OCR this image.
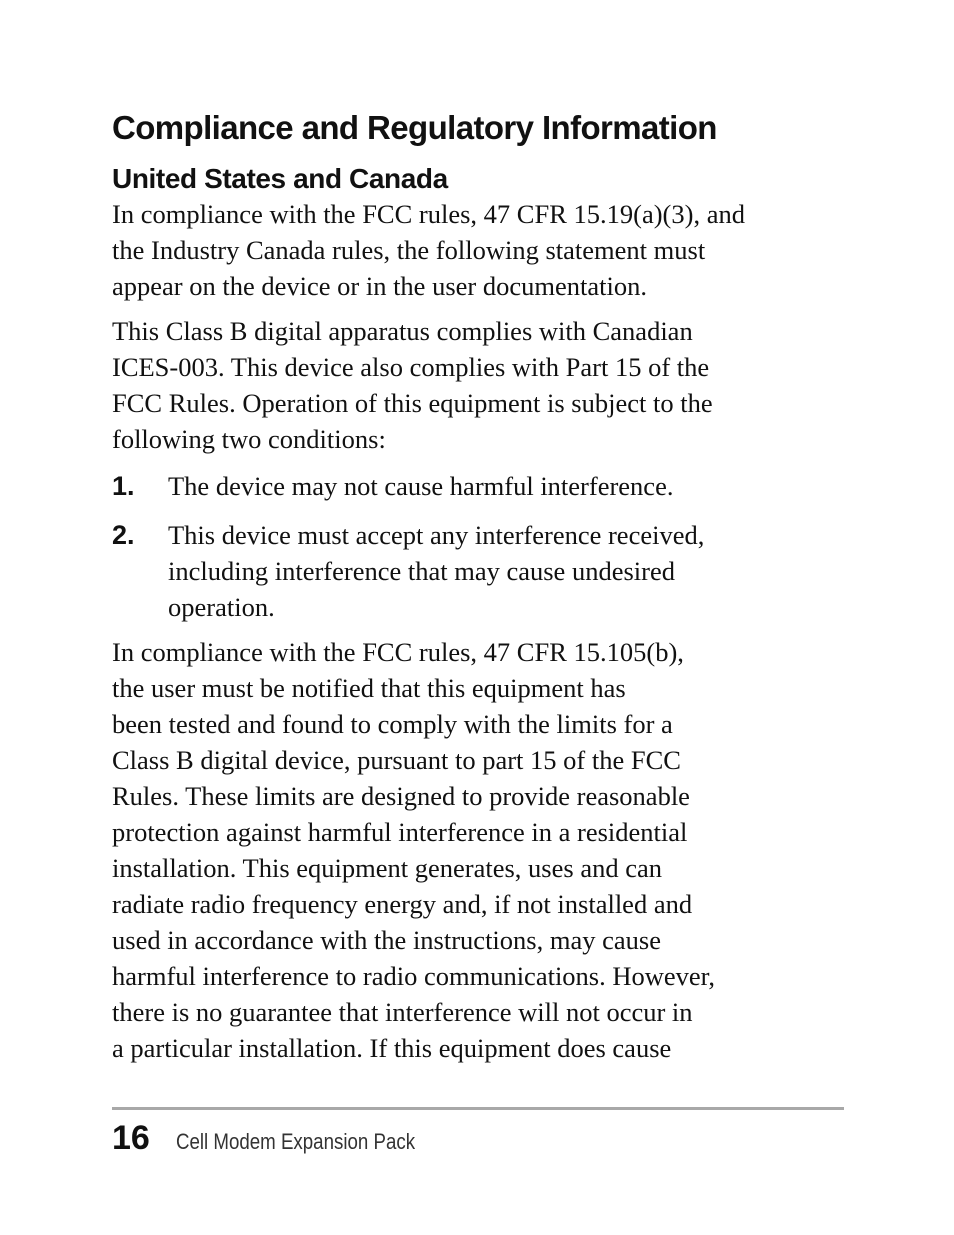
Compliance and Regulatory Information
United States and Canada

In compliance with the FCC rules, 47 CFR 15.19(a)(3), and
the Industry Canada rules, the following statement must
appear on the device or in the user documentation.

This Class B digital apparatus complies with Canadian
ICES-003. This device also complies with Part 15 of the
FCC Rules. Operation of this equipment is subject to the
following two conditions:

1.	The device may not cause harmful interference.
2.	This device must accept any interference received,
including interference that may cause undesired
operation.

In compliance with the FCC rules, 47 CFR 15.105(b),
the user must be notified that this equipment has
been tested and found to comply with the limits for a
Class B digital device, pursuant to part 15 of the FCC
Rules. These limits are designed to provide reasonable
protection against harmful interference in a residential
installation. This equipment generates, uses and can
radiate radio frequency energy and, if not installed and
used in accordance with the instructions, may cause
harmful interference to radio communications. However,
there is no guarantee that interference will not occur in
a particular installation. If this equipment does cause

16 Cell Modem Expansion Pack
